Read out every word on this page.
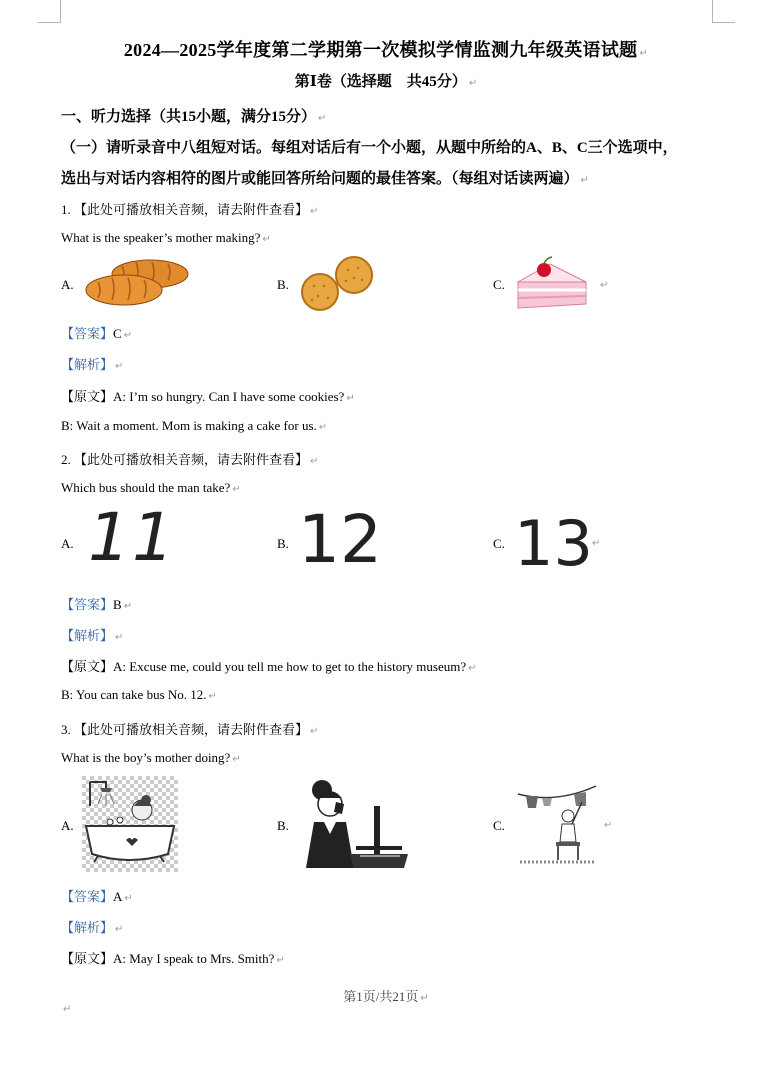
2024—2025学年度第二学期第一次模拟学情监测九年级英语试题 ↵
第Ⅰ卷（选择题　共45分） ↵
一、听力选择（共15小题，满分15分） ↵
（一）请听录音中八组短对话。每组对话后有一个小题，从题中所给的A、B、C三个选项中，
选出与对话内容相符的图片或能回答所给问题的最佳答案。（每组对话读两遍） ↵
1. 【此处可播放相关音频，请去附件查看】 ↵
What is the speaker’s mother making? ↵
A.	B.	C.	↵
【答案】C ↵
【解析】 ↵
【原文】A: I’m so hungry. Can I have some cookies? ↵
B: Wait a moment. Mom is making a cake for us. ↵
2. 【此处可播放相关音频，请去附件查看】 ↵
Which bus should the man take? ↵
A. 11	B. 12	C. 13 ↵
【答案】B ↵
【解析】 ↵
【原文】A: Excuse me, could you tell me how to get to the history museum? ↵
B: You can take bus No. 12. ↵
3. 【此处可播放相关音频，请去附件查看】 ↵
What is the boy’s mother doing? ↵
A.	B.	C.	↵
【答案】A ↵
【解析】 ↵
【原文】A: May I speak to Mrs. Smith? ↵
第1页/共21页 ↵
↵
